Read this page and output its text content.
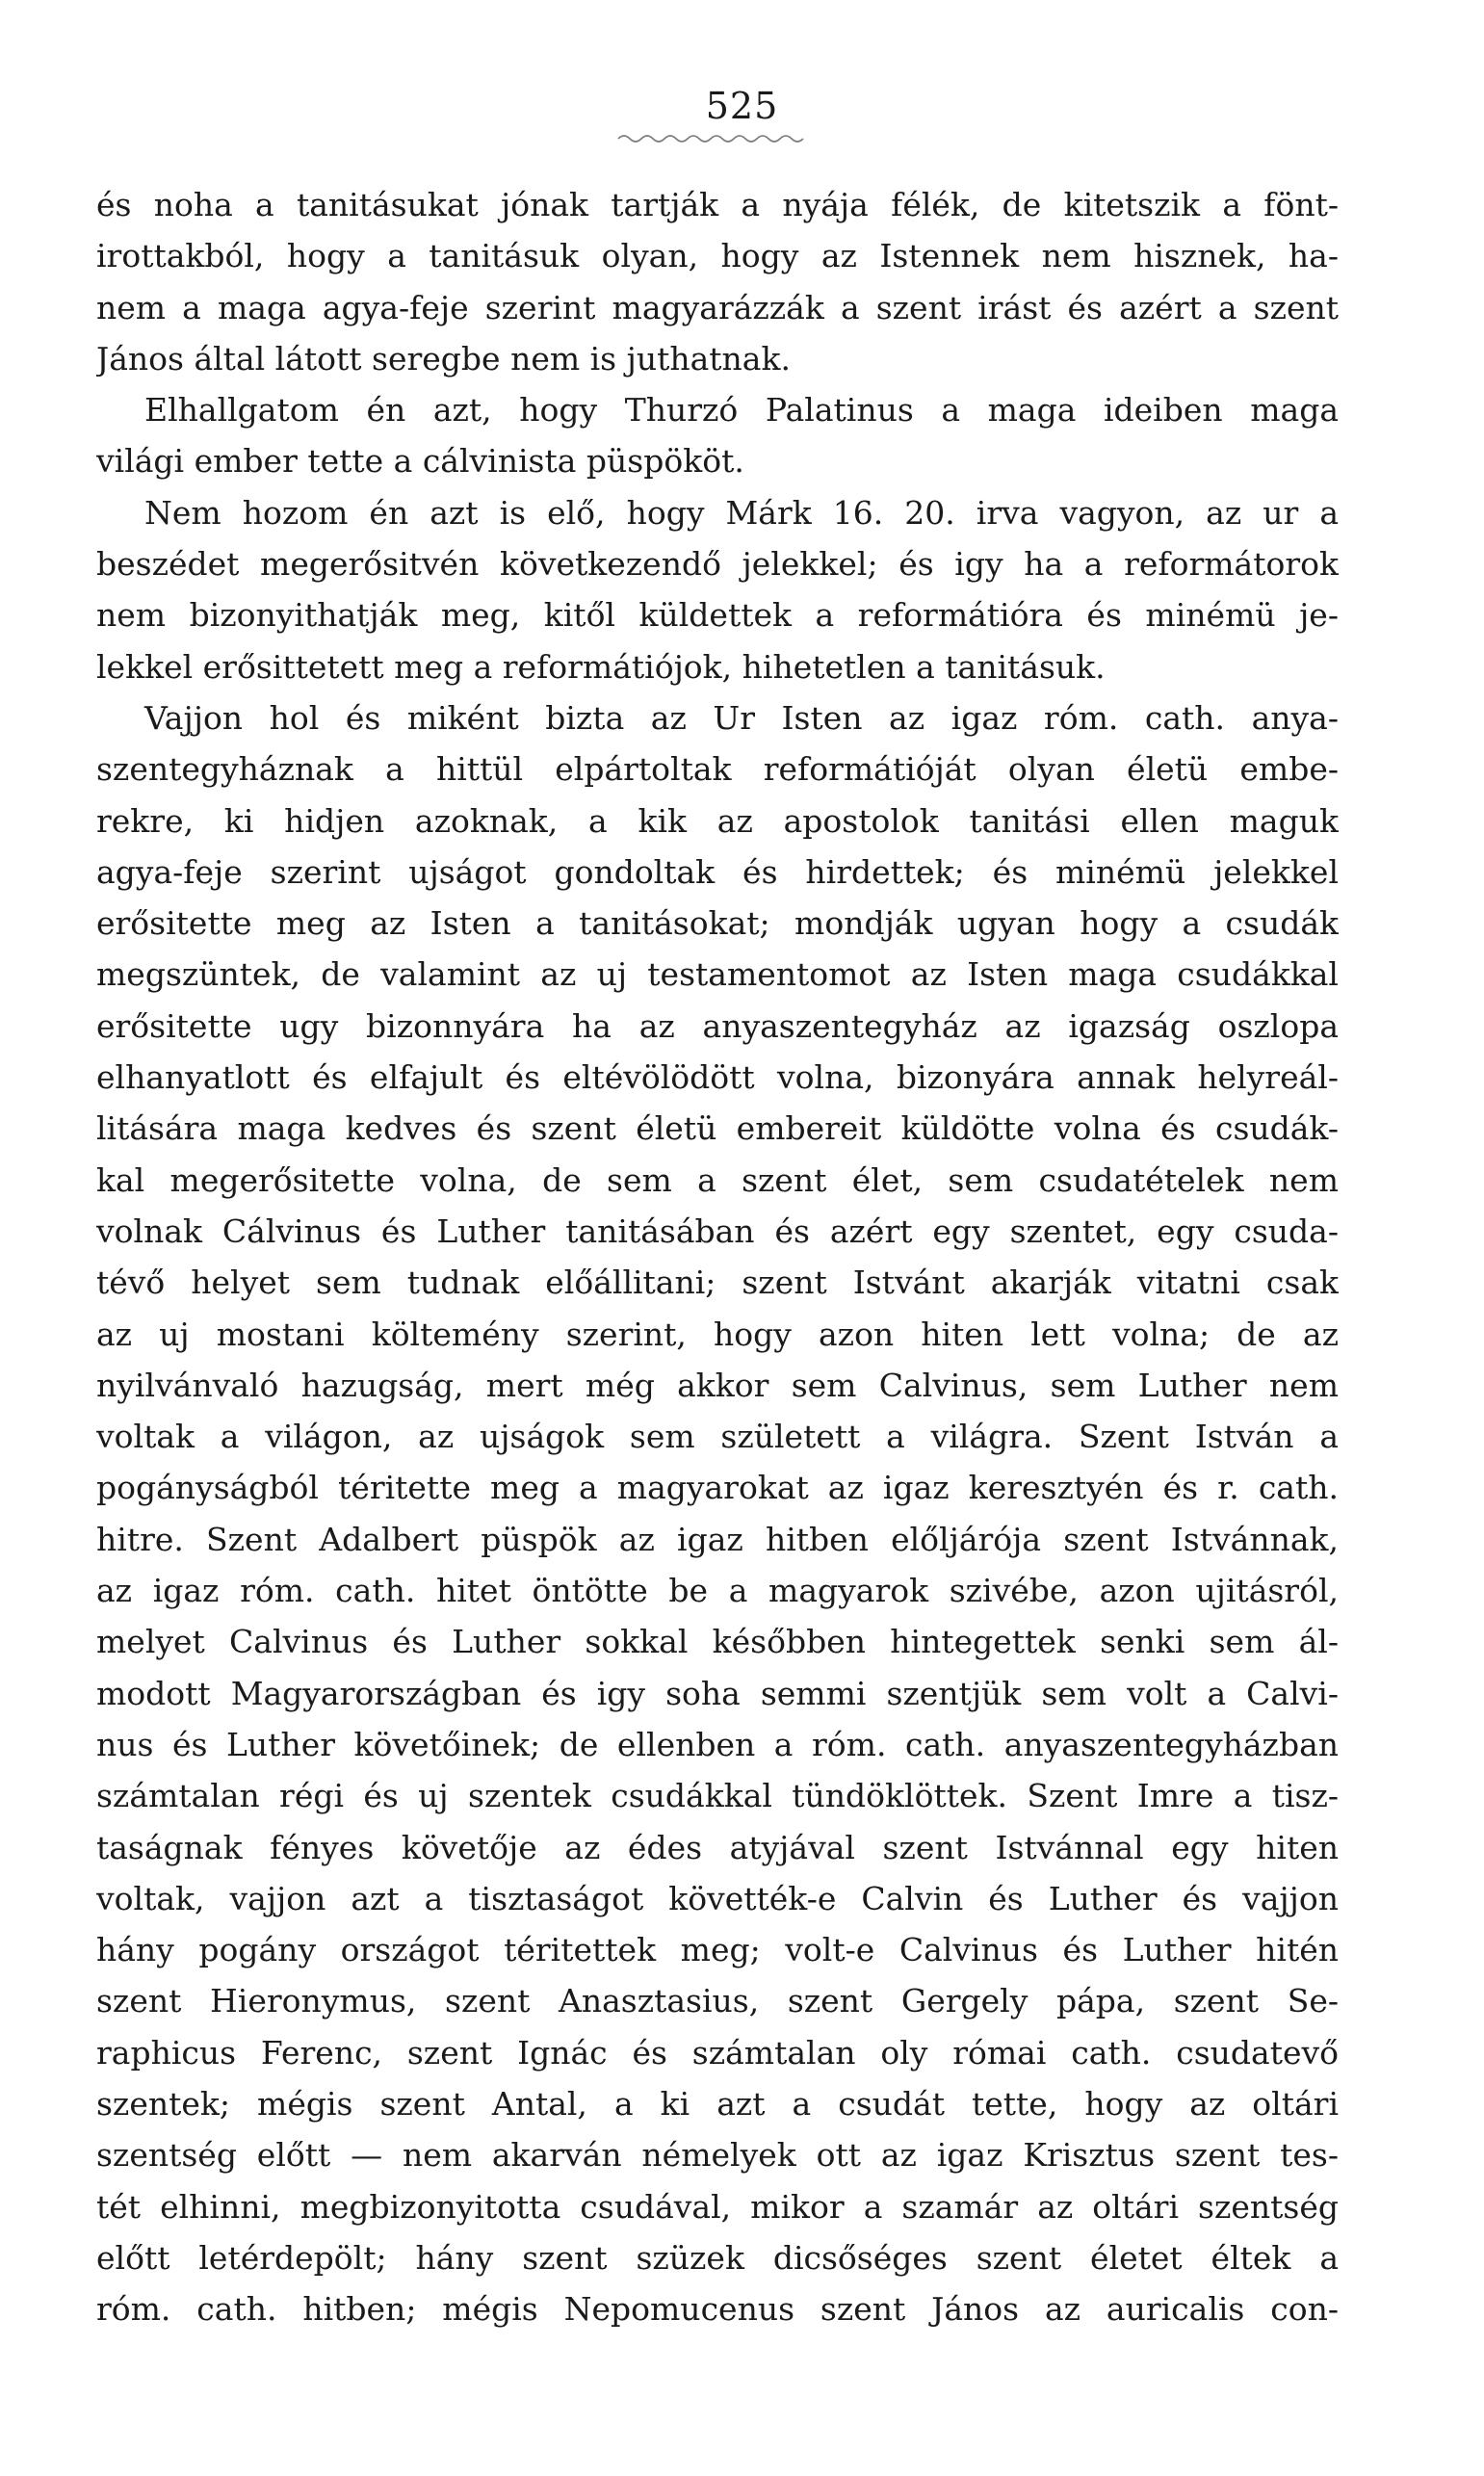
525
és noha a tanitásukat jónak tartják a nyája félék, de kitetszik a fönt-
irottakból, hogy a tanitásuk olyan, hogy az Istennek nem hisznek, ha-
nem a maga agya-feje szerint magyarázzák a szent irást és azért a szent
János által látott seregbe nem is juthatnak.
Elhallgatom én azt, hogy Thurzó Palatinus a maga ideiben maga
világi ember tette a cálvinista püspököt.
Nem hozom én azt is elő, hogy Márk 16. 20. irva vagyon, az ur a
beszédet megerősitvén következendő jelekkel; és igy ha a reformátorok
nem bizonyithatják meg, kitől küldettek a reformátióra és minémü je-
lekkel erősittetett meg a reformátiójok, hihetetlen a tanitásuk.
Vajjon hol és miként bizta az Ur Isten az igaz róm. cath. anya-
szentegyháznak a hittül elpártoltak reformátióját olyan életü embe-
rekre, ki hidjen azoknak, a kik az apostolok tanitási ellen maguk
agya-feje szerint ujságot gondoltak és hirdettek; és minémü jelekkel
erősitette meg az Isten a tanitásokat; mondják ugyan hogy a csudák
megszüntek, de valamint az uj testamentomot az Isten maga csudákkal
erősitette ugy bizonnyára ha az anyaszentegyház az igazság oszlopa
elhanyatlott és elfajult és eltévölödött volna, bizonyára annak helyreál-
litására maga kedves és szent életü embereit küldötte volna és csudák-
kal megerősitette volna, de sem a szent élet, sem csudatételek nem
volnak Cálvinus és Luther tanitásában és azért egy szentet, egy csuda-
tévő helyet sem tudnak előállitani; szent Istvánt akarják vitatni csak
az uj mostani költemény szerint, hogy azon hiten lett volna; de az
nyilvánvaló hazugság, mert még akkor sem Calvinus, sem Luther nem
voltak a világon, az ujságok sem született a világra. Szent István a
pogányságból téritette meg a magyarokat az igaz keresztyén és r. cath.
hitre. Szent Adalbert püspök az igaz hitben előljárója szent Istvánnak,
az igaz róm. cath. hitet öntötte be a magyarok szivébe, azon ujitásról,
melyet Calvinus és Luther sokkal későbben hintegettek senki sem ál-
modott Magyarországban és igy soha semmi szentjük sem volt a Calvi-
nus és Luther követőinek; de ellenben a róm. cath. anyaszentegyházban
számtalan régi és uj szentek csudákkal tündöklöttek. Szent Imre a tisz-
taságnak fényes követője az édes atyjával szent Istvánnal egy hiten
voltak, vajjon azt a tisztaságot követték-e Calvin és Luther és vajjon
hány pogány országot téritettek meg; volt-e Calvinus és Luther hitén
szent Hieronymus, szent Anasztasius, szent Gergely pápa, szent Se-
raphicus Ferenc, szent Ignác és számtalan oly római cath. csudatevő
szentek; mégis szent Antal, a ki azt a csudát tette, hogy az oltári
szentség előtt — nem akarván némelyek ott az igaz Krisztus szent tes-
tét elhinni, megbizonyitotta csudával, mikor a szamár az oltári szentség
előtt letérdepölt; hány szent szüzek dicsőséges szent életet éltek a
róm. cath. hitben; mégis Nepomucenus szent János az auricalis con-
